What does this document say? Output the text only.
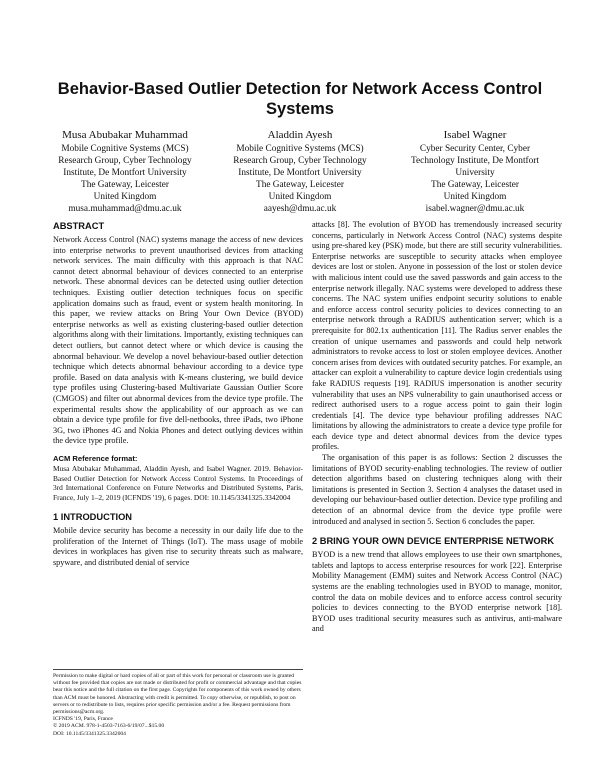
Behavior-Based Outlier Detection for Network Access Control Systems
Musa Abubakar Muhammad
Mobile Cognitive Systems (MCS)
Research Group, Cyber Technology
Institute, De Montfort University
The Gateway, Leicester
United Kingdom
musa.muhammad@dmu.ac.uk
Aladdin Ayesh
Mobile Cognitive Systems (MCS)
Research Group, Cyber Technology
Institute, De Montfort University
The Gateway, Leicester
United Kingdom
aayesh@dmu.ac.uk
Isabel Wagner
Cyber Security Center, Cyber
Technology Institute, De Montfort
University
The Gateway, Leicester
United Kingdom
isabel.wagner@dmu.ac.uk
ABSTRACT

Network Access Control (NAC) systems manage the access of new devices into enterprise networks to prevent unauthorised devices from attacking network services. The main difficulty with this approach is that NAC cannot detect abnormal behaviour of devices connected to an enterprise network. These abnormal devices can be detected using outlier detection techniques. Existing outlier detection techniques focus on specific application domains such as fraud, event or system health monitoring. In this paper, we review attacks on Bring Your Own Device (BYOD) enterprise networks as well as existing clustering-based outlier detection algorithms along with their limitations. Importantly, existing techniques can detect outliers, but cannot detect where or which device is causing the abnormal behaviour. We develop a novel behaviour-based outlier detection technique which detects abnormal behaviour according to a device type profile. Based on data analysis with K-means clustering, we build device type profiles using Clustering-based Multivariate Gaussian Outlier Score (CMGOS) and filter out abnormal devices from the device type profile. The experimental results show the applicability of our approach as we can obtain a device type profile for five dell-netbooks, three iPads, two iPhone 3G, two iPhones 4G and Nokia Phones and detect outlying devices within the device type profile.

ACM Reference format:
Musa Abubakar Muhammad, Aladdin Ayesh, and Isabel Wagner. 2019. Behavior-Based Outlier Detection for Network Access Control Systems. In Proceedings of 3rd International Conference on Future Networks and Distributed Systems, Paris, France, July 1–2, 2019 (ICFNDS '19), 6 pages. DOI: 10.1145/3341325.3342004
1 INTRODUCTION

Mobile device security has become a necessity in our daily life due to the proliferation of the Internet of Things (IoT). The mass usage of mobile devices in workplaces has given rise to security threats such as malware, spyware, and distributed denial of service

Permission to make digital or hard copies of all or part of this work for personal or classroom use is granted without fee provided that copies are not made or distributed for profit or commercial advantage and that copies bear this notice and the full citation on the first page. Copyrights for components of this work owned by others than ACM must be honored. Abstracting with credit is permitted. To copy otherwise, or republish, to post on servers or to redistribute to lists, requires prior specific permission and/or a fee. Request permissions from permissions@acm.org.
ICFNDS '19, Paris, France
© 2019 ACM. 978-1-4503-7163-6/19/07...$15.00
DOI: 10.1145/3341325.3342004

attacks [8]. The evolution of BYOD has tremendously increased security concerns, particularly in Network Access Control (NAC) systems despite using pre-shared key (PSK) mode, but there are still security vulnerabilities. Enterprise networks are susceptible to security attacks when employee devices are lost or stolen. Anyone in possession of the lost or stolen device with malicious intent could use the saved passwords and gain access to the enterprise network illegally. NAC systems were developed to address these concerns. The NAC system unifies endpoint security solutions to enable and enforce access control security policies to devices connecting to an enterprise network through a RADIUS authentication server; which is a prerequisite for 802.1x authentication [11]. The Radius server enables the creation of unique usernames and passwords and could help network administrators to revoke access to lost or stolen employee devices. Another concern arises from devices with outdated security patches. For example, an attacker can exploit a vulnerability to capture device login credentials using fake RADIUS requests [19]. RADIUS impersonation is another security vulnerability that uses an NPS vulnerability to gain unauthorised access or redirect authorised users to a rogue access point to gain their login credentials [4]. The device type behaviour profiling addresses NAC limitations by allowing the administrators to create a device type profile for each device type and detect abnormal devices from the device types profiles.

The organisation of this paper is as follows: Section 2 discusses the limitations of BYOD security-enabling technologies. The review of outlier detection algorithms based on clustering techniques along with their limitations is presented in Section 3. Section 4 analyses the dataset used in developing our behaviour-based outlier detection. Device type profiling and detection of an abnormal device from the device type profile were introduced and analysed in section 5. Section 6 concludes the paper.

2 BRING YOUR OWN DEVICE ENTERPRISE NETWORK

BYOD is a new trend that allows employees to use their own smartphones, tablets and laptops to access enterprise resources for work [22]. Enterprise Mobility Management (EMM) suites and Network Access Control (NAC) systems are the enabling technologies used in BYOD to manage, monitor, control the data on mobile devices and to enforce access control security policies to devices connecting to the BYOD enterprise network [18]. BYOD uses traditional security measures such as antivirus, anti-malware and
